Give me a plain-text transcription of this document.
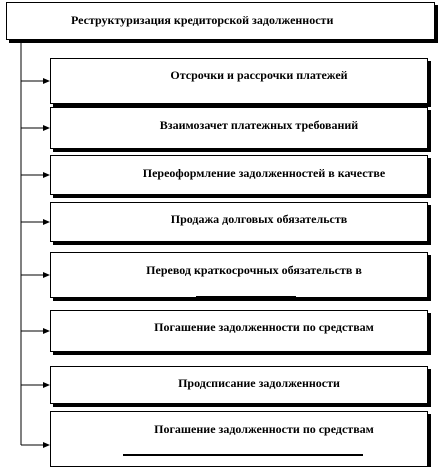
Реструктуризация кредиторской задолженности
Отсрочки и рассрочки платежей
Взаимозачет платежных требований
Переоформление задолженностей в качестве
Продажа долговых обязательств
Перевод краткосрочных обязательств в
Погашение задолженности по средствам
Продсписание задолженности
Погашение задолженности по средствам
